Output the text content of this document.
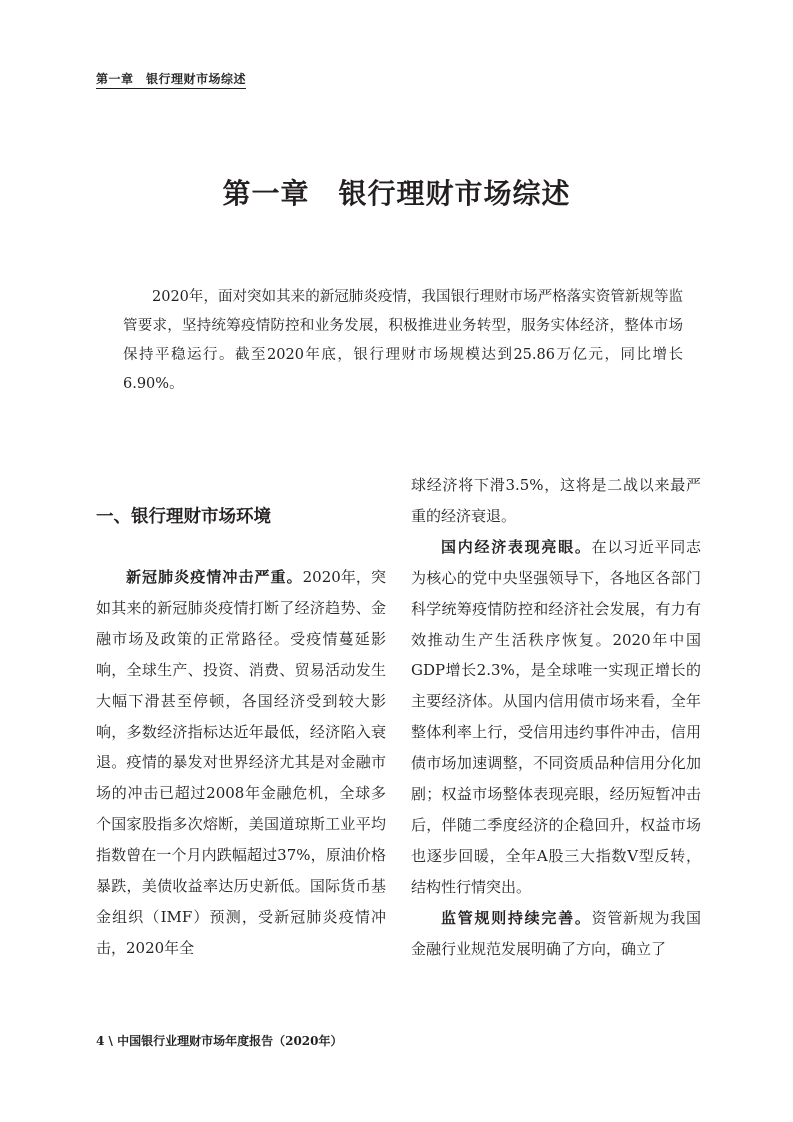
第一章　银行理财市场综述
第一章　银行理财市场综述

2020年，面对突如其来的新冠肺炎疫情，我国银行理财市场严格落实资管新规等监管要求，坚持统筹疫情防控和业务发展，积极推进业务转型，服务实体经济，整体市场保持平稳运行。截至2020年底，银行理财市场规模达到25.86万亿元，同比增长6.90%。

一、银行理财市场环境

新冠肺炎疫情冲击严重。2020年，突如其来的新冠肺炎疫情打断了经济趋势、金融市场及政策的正常路径。受疫情蔓延影响，全球生产、投资、消费、贸易活动发生大幅下滑甚至停顿，各国经济受到较大影响，多数经济指标达近年最低，经济陷入衰退。疫情的暴发对世界经济尤其是对金融市场的冲击已超过2008年金融危机，全球多个国家股指多次熔断，美国道琼斯工业平均指数曾在一个月内跌幅超过37%，原油价格暴跌，美债收益率达历史新低。国际货币基金组织（IMF）预测，受新冠肺炎疫情冲击，2020年全

球经济将下滑3.5%，这将是二战以来最严重的经济衰退。

国内经济表现亮眼。在以习近平同志为核心的党中央坚强领导下，各地区各部门科学统筹疫情防控和经济社会发展，有力有效推动生产生活秩序恢复。2020年中国GDP增长2.3%，是全球唯一实现正增长的主要经济体。从国内信用债市场来看，全年整体利率上行，受信用违约事件冲击，信用债市场加速调整，不同资质品种信用分化加剧；权益市场整体表现亮眼，经历短暂冲击后，伴随二季度经济的企稳回升，权益市场也逐步回暖，全年A股三大指数V型反转，结构性行情突出。

监管规则持续完善。资管新规为我国金融行业规范发展明确了方向，确立了

4 \ 中国银行业理财市场年度报告（2020年）
